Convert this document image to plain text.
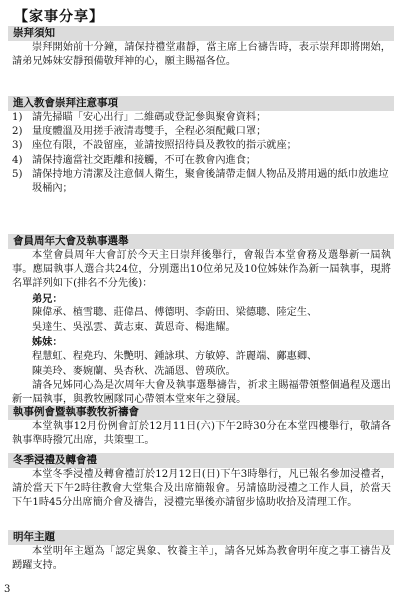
【家事分享】
崇拜須知

崇拜開始前十分鐘，請保持禮堂肅靜，當主席上台禱告時，表示崇拜即將開始，請弟兄姊妹安靜預備敬拜神的心，願主賜福各位。

進入教會崇拜注意事項
1) 請先掃瞄「安心出行」二維碼或登記參與聚會資料；
2) 量度體溫及用搓手液清毒雙手，全程必須配戴口罩；
3) 座位有限，不設留座，並請按照招待員及教牧的指示就座；
4) 請保持適當社交距離和接觸，不可在教會內進食；
5) 請保持地方清潔及注意個人衛生，聚會後請帶走個人物品及將用過的紙巾放進垃圾桶內；
會員周年大會及執事選舉

本堂會員周年大會訂於今天主日崇拜後舉行，會報告本堂會務及選舉新一屆執事。應屆執事人選合共24位，分別選出10位弟兄及10位姊妹作為新一屆執事，現將名單詳列如下(排名不分先後)：

弟兄：

陳偉承、植雪聰、莊偉昌、傅德明、李蔚田、梁德聰、陸定生、

吳達生、吳泓雲、黃志東、黃恩奇、楊進耀。

姊妹：

程慧虹、程堯玓、朱艷明、鍾詠琪、方敏婷、許麗端、鄺惠卿、

陳美玲、麥婉蘭、吳杏秋、冼誦恩、曾瑛欣。

請各兄姊同心為是次周年大會及執事選舉禱告，祈求主賜福帶領整個過程及選出新一屆執事，與教牧團隊同心帶領本堂來年之發展。

執事例會暨執事教牧祈禱會

本堂執事12月份例會訂於12月11日(六)下午2時30分在本堂四樓舉行，敬請各執事準時撥冗出席，共策聖工。

冬季浸禮及轉會禮

本堂冬季浸禮及轉會禮訂於12月12日(日)下午3時舉行，凡已報名參加浸禮者，請於當天下午2時往教會大堂集合及出席簡報會。另請協助浸禮之工作人員，於當天下午1時45分出席簡介會及禱告，浸禮完畢後亦請留步協助收拾及清理工作。

明年主題

本堂明年主題為「認定異象、牧養主羊」，請各兄姊為教會明年度之事工禱告及踴躍支持。

3
